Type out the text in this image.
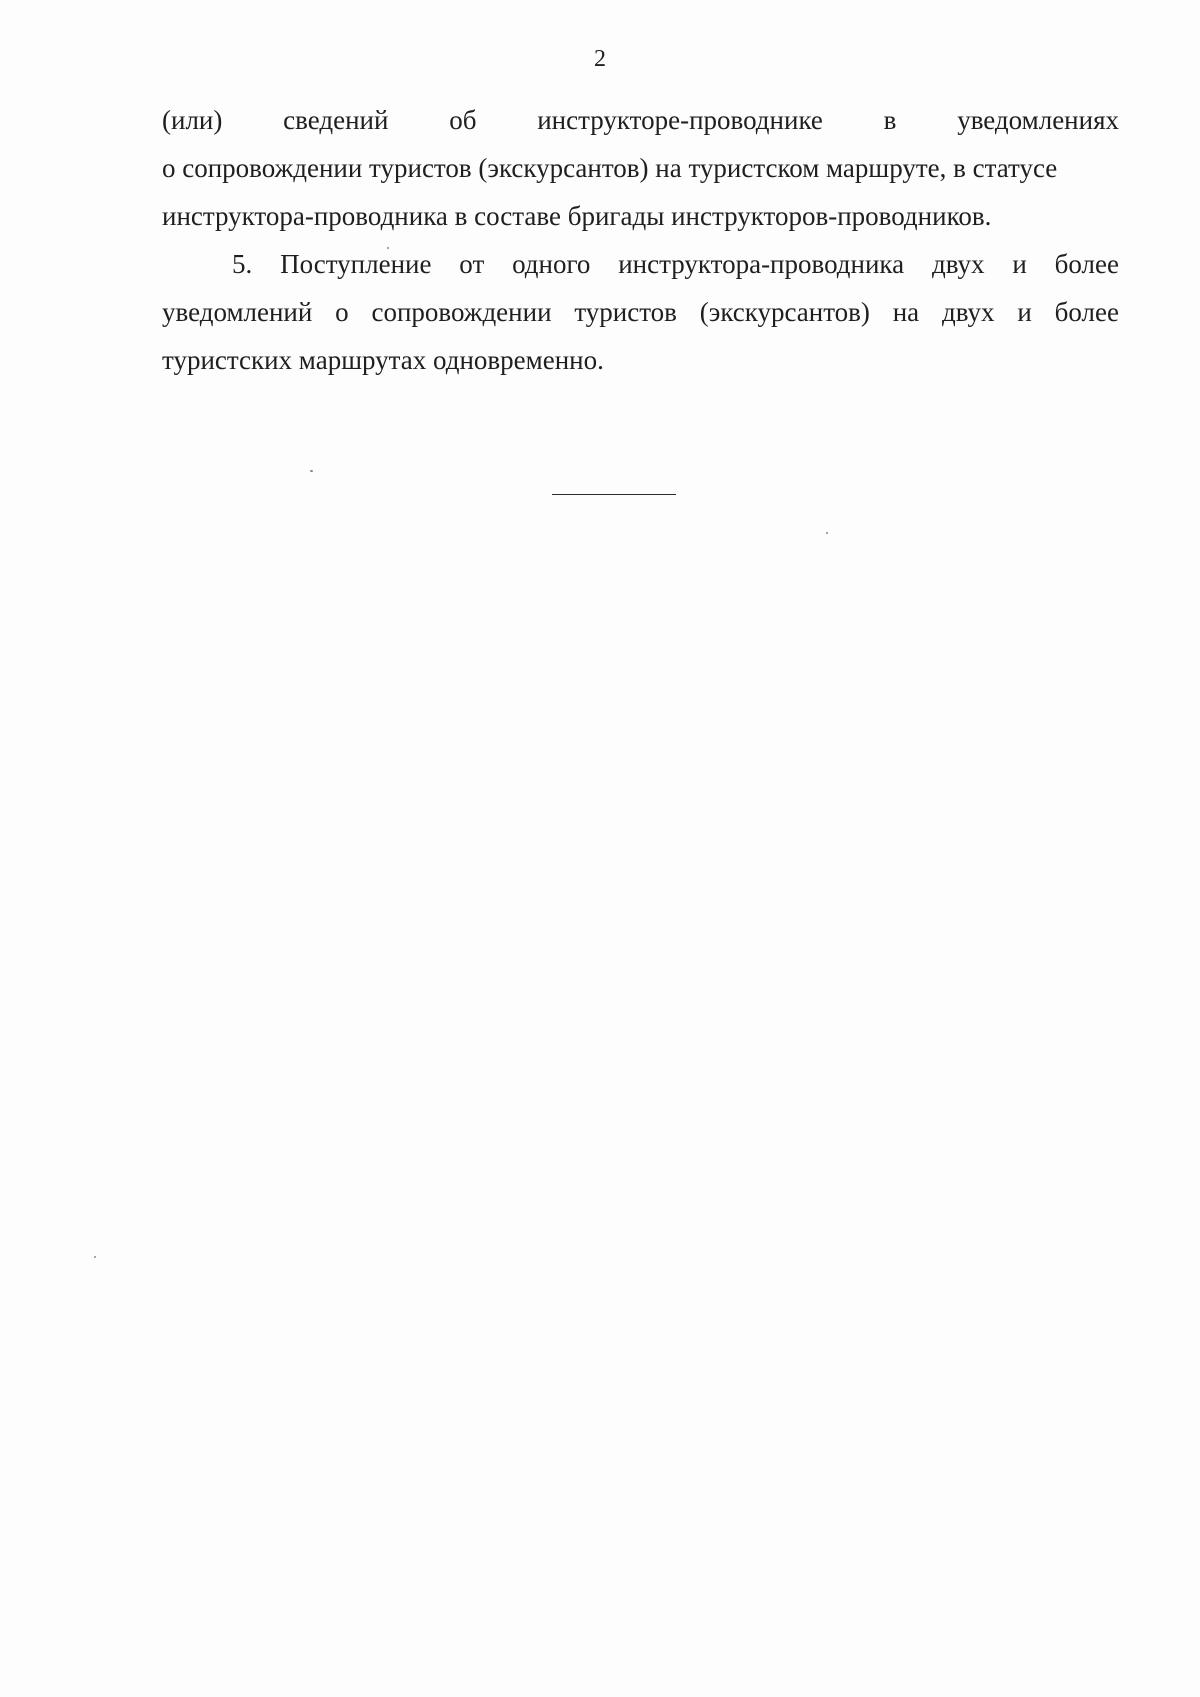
2
(или) сведений об инструкторе-проводнике в уведомлениях
о сопровождении туристов (экскурсантов) на туристском маршруте, в статусе
инструктора-проводника в составе бригады инструкторов-проводников.
5. Поступление от одного инструктора-проводника двух и более
уведомлений о сопровождении туристов (экскурсантов) на двух и более
туристских маршрутах одновременно.
